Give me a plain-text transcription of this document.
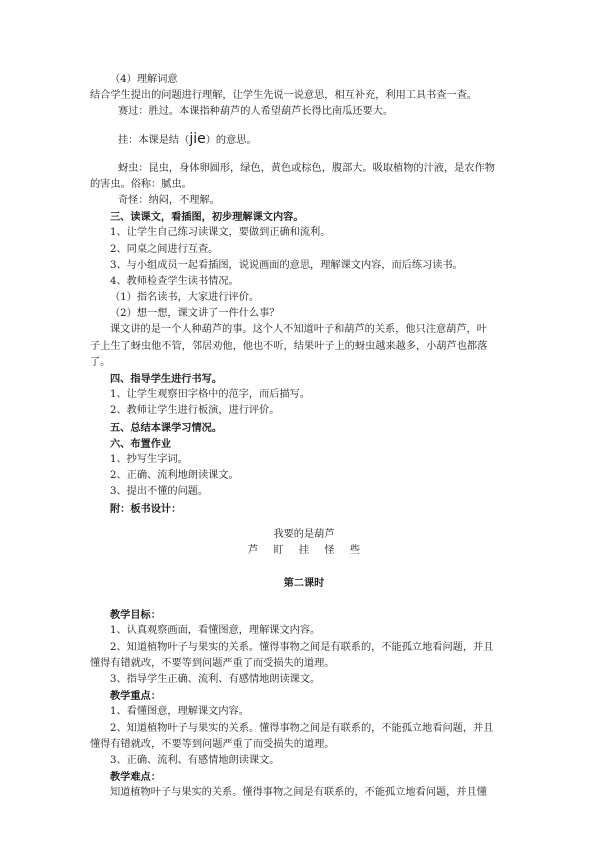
（4）理解词意
结合学生提出的问题进行理解，让学生先说一说意思，相互补充，利用工具书查一查。
赛过：胜过。本课指种葫芦的人希望葫芦长得比南瓜还要大。
挂：本课是结（jie）的意思。
蚜虫：昆虫，身体卵圆形，绿色，黄色或棕色，腹部大。吸取植物的汁液，是农作物
的害虫。俗称：腻虫。
奇怪：纳闷，不理解。
三、读课文，看插图，初步理解课文内容。
1、让学生自己练习读课文，要做到正确和流利。
2、同桌之间进行互查。
3、与小组成员一起看插图，说说画面的意思，理解课文内容，而后练习读书。
4、教师检查学生读书情况。
（1）指名读书，大家进行评价。
（2）想一想，课文讲了一件什么事？
课文讲的是一个人种葫芦的事。这个人不知道叶子和葫芦的关系，他只注意葫芦，叶
子上生了蚜虫他不管，邻居劝他，他也不听，结果叶子上的蚜虫越来越多，小葫芦也都落
了。
四、指导学生进行书写。
1、让学生观察田字格中的范字，而后描写。
2、教师让学生进行板演，进行评价。
五、总结本课学习情况。
六、布置作业
1、抄写生字词。
2、正确、流利地朗读课文。
3、提出不懂的问题。
附：板书设计：
我要的是葫芦
芦 盯 挂 怪 些
第二课时
教学目标：
1、认真观察画面，看懂图意，理解课文内容。
2、知道植物叶子与果实的关系。懂得事物之间是有联系的，不能孤立地看问题，并且
懂得有错就改，不要等到问题严重了而受损失的道理。
3、指导学生正确、流利、有感情地朗读课文。
教学重点：
1、看懂图意，理解课文内容。
2、知道植物叶子与果实的关系。懂得事物之间是有联系的，不能孤立地看问题，并且
懂得有错就改，不要等到问题严重了而受损失的道理。
3、正确、流利、有感情地朗读课文。
教学难点：
知道植物叶子与果实的关系。懂得事物之间是有联系的，不能孤立地看问题，并且懂
